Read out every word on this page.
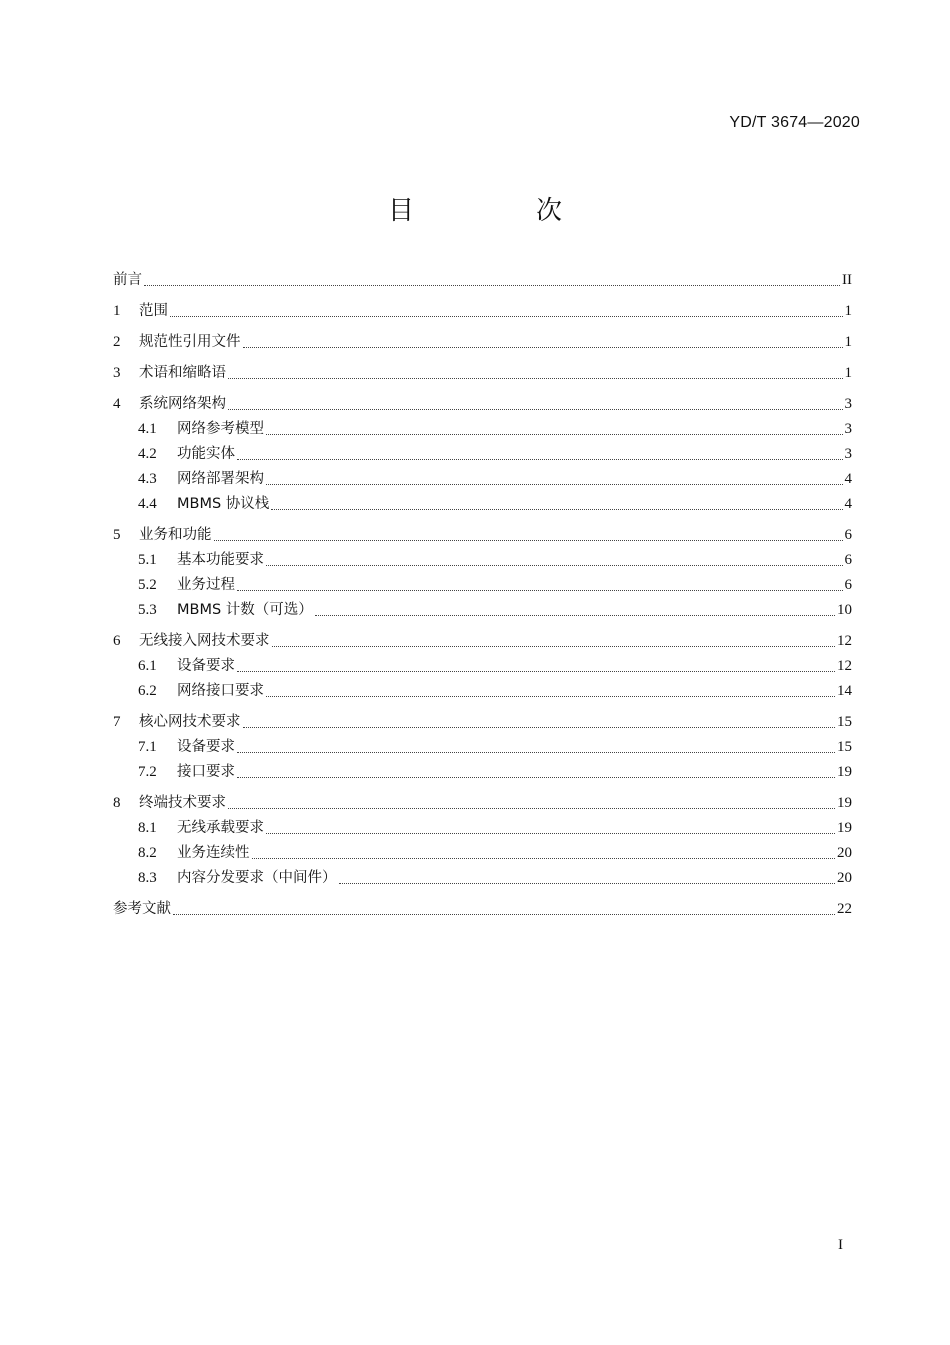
YD/T 3674—2020
目　次
前言	II
1	范围	1
2	规范性引用文件	1
3	术语和缩略语	1
4	系统网络架构	3
4.1	网络参考模型	3
4.2	功能实体	3
4.3	网络部署架构	4
4.4	MBMS 协议栈	4
5	业务和功能	6
5.1	基本功能要求	6
5.2	业务过程	6
5.3	MBMS 计数（可选）	10
6	无线接入网技术要求	12
6.1	设备要求	12
6.2	网络接口要求	14
7	核心网技术要求	15
7.1	设备要求	15
7.2	接口要求	19
8	终端技术要求	19
8.1	无线承载要求	19
8.2	业务连续性	20
8.3	内容分发要求（中间件）	20
参考文献	22
I
